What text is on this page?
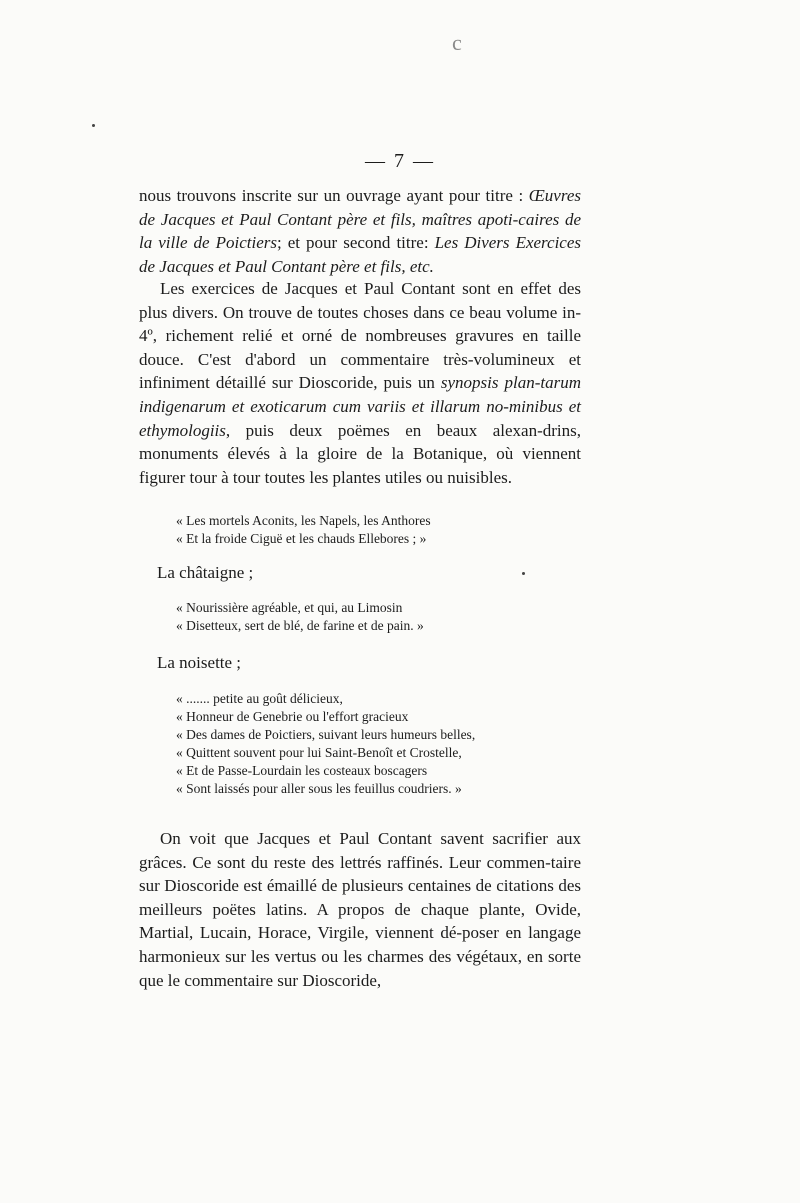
c
— 7 —
nous trouvons inscrite sur un ouvrage ayant pour titre : Œuvres de Jacques et Paul Contant père et fils, maîtres apoti-caires de la ville de Poictiers; et pour second titre: Les Divers Exercices de Jacques et Paul Contant père et fils, etc.
Les exercices de Jacques et Paul Contant sont en effet des plus divers. On trouve de toutes choses dans ce beau volume in-4º, richement relié et orné de nombreuses gravures en taille douce. C'est d'abord un commentaire très-volumineux et infiniment détaillé sur Dioscoride, puis un synopsis plan-tarum indigenarum et exoticarum cum variis et illarum no-minibus et ethymologiis, puis deux poëmes en beaux alexan-drins, monuments élevés à la gloire de la Botanique, où viennent figurer tour à tour toutes les plantes utiles ou nuisibles.
« Les mortels Aconits, les Napels, les Anthores
« Et la froide Ciguë et les chauds Ellebores ; »
La châtaigne ;
« Nourissière agréable, et qui, au Limosin
« Disetteux, sert de blé, de farine et de pain. »
La noisette ;
« ....... petite au goût délicieux,
« Honneur de Genebrie ou l'effort gracieux
« Des dames de Poictiers, suivant leurs humeurs belles,
« Quittent souvent pour lui Saint-Benoît et Crostelle,
« Et de Passe-Lourdain les costeaux boscagers
« Sont laissés pour aller sous les feuillus coudriers. »
On voit que Jacques et Paul Contant savent sacrifier aux grâces. Ce sont du reste des lettrés raffinés. Leur commen-taire sur Dioscoride est émaillé de plusieurs centaines de citations des meilleurs poëtes latins. A propos de chaque plante, Ovide, Martial, Lucain, Horace, Virgile, viennent dé-poser en langage harmonieux sur les vertus ou les charmes des végétaux, en sorte que le commentaire sur Dioscoride,
